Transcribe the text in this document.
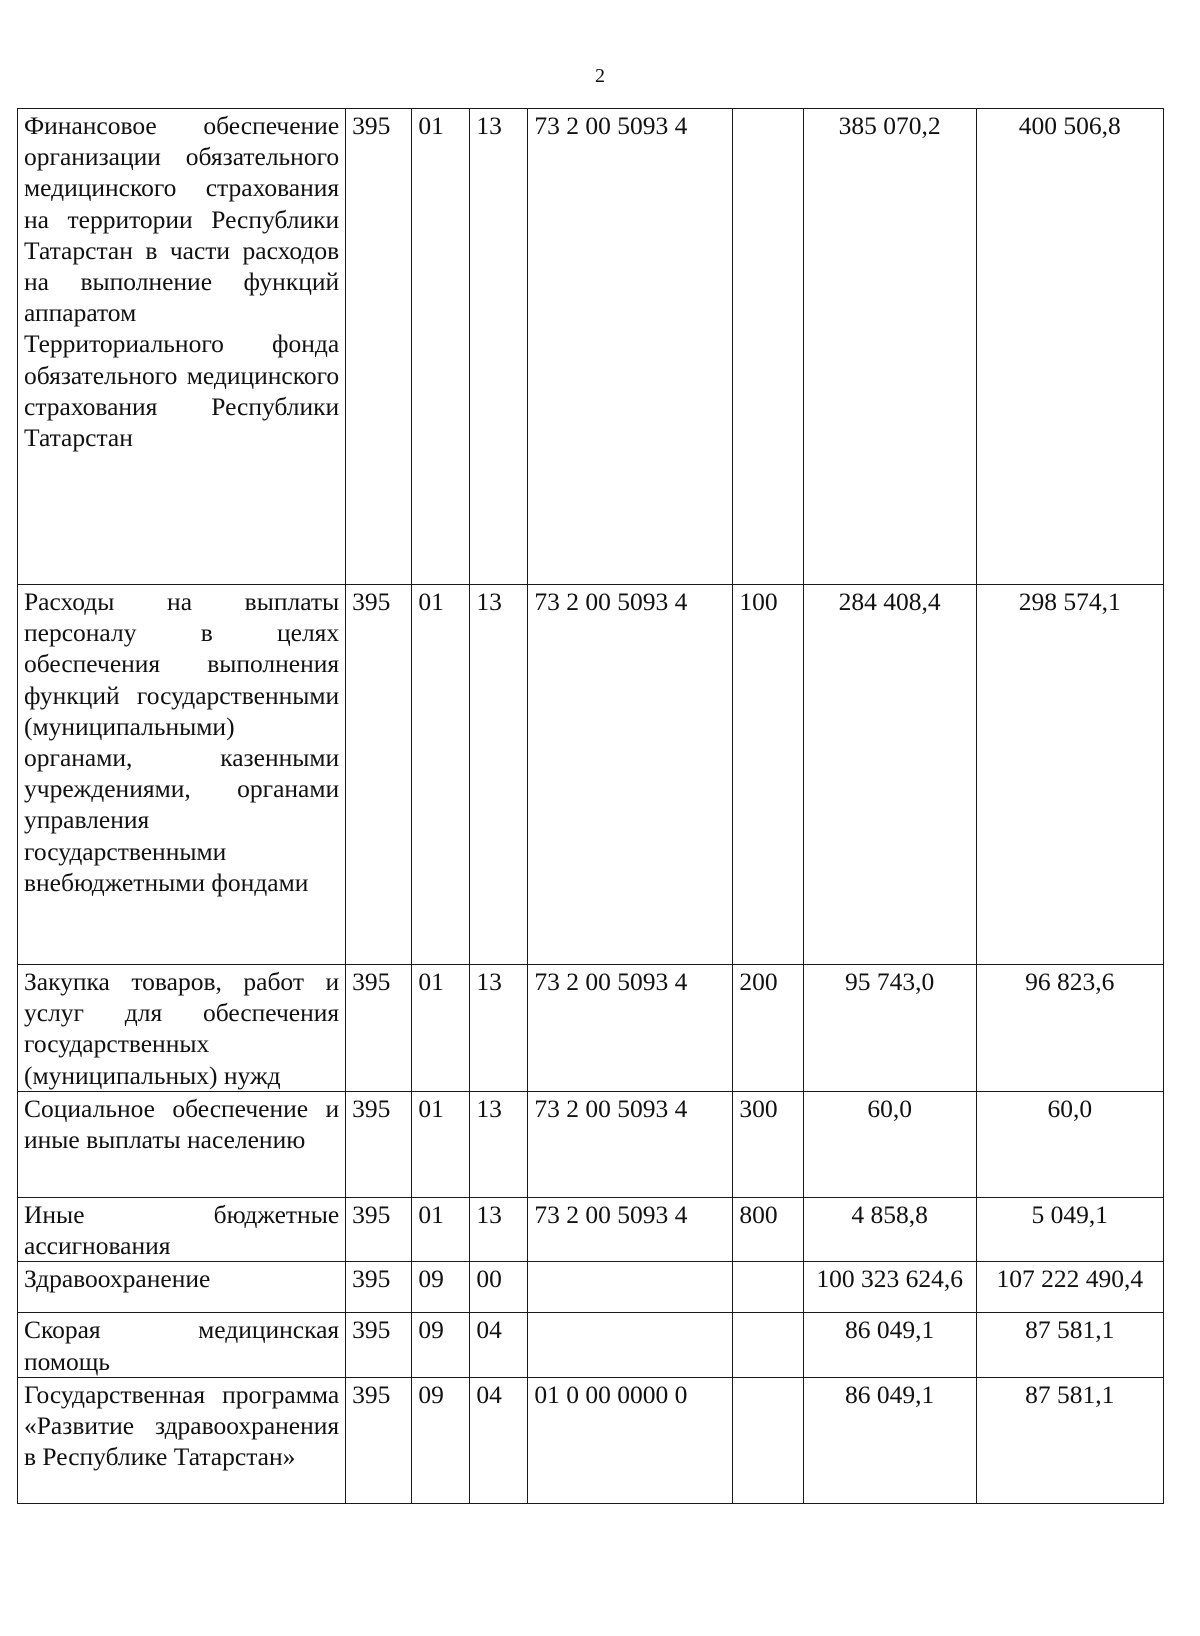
2
Финансовое обеспечение организации обязательного медицинского страхования на территории Республики Татарстан в части расходов на выполнение функций аппаратом Территориального фонда обязательного медицинского страхования Республики Татарстан	395	01	13	73 2 00 5093 4		385 070,2	400 506,8
Расходы на выплаты персоналу в целях обеспечения выполнения функций государственными (муниципальными) органами, казенными учреждениями, органами управления государственными внебюджетными фондами	395	01	13	73 2 00 5093 4	100	284 408,4	298 574,1
Закупка товаров, работ и услуг для обеспечения государственных (муниципальных) нужд	395	01	13	73 2 00 5093 4	200	95 743,0	96 823,6
Социальное обеспечение и иные выплаты населению	395	01	13	73 2 00 5093 4	300	60,0	60,0
Иные бюджетные ассигнования	395	01	13	73 2 00 5093 4	800	4 858,8	5 049,1
Здравоохранение	395	09	00			100 323 624,6	107 222 490,4
Скорая медицинская помощь	395	09	04			86 049,1	87 581,1
Государственная программа «Развитие здравоохранения в Республике Татарстан»	395	09	04	01 0 00 0000 0		86 049,1	87 581,1
